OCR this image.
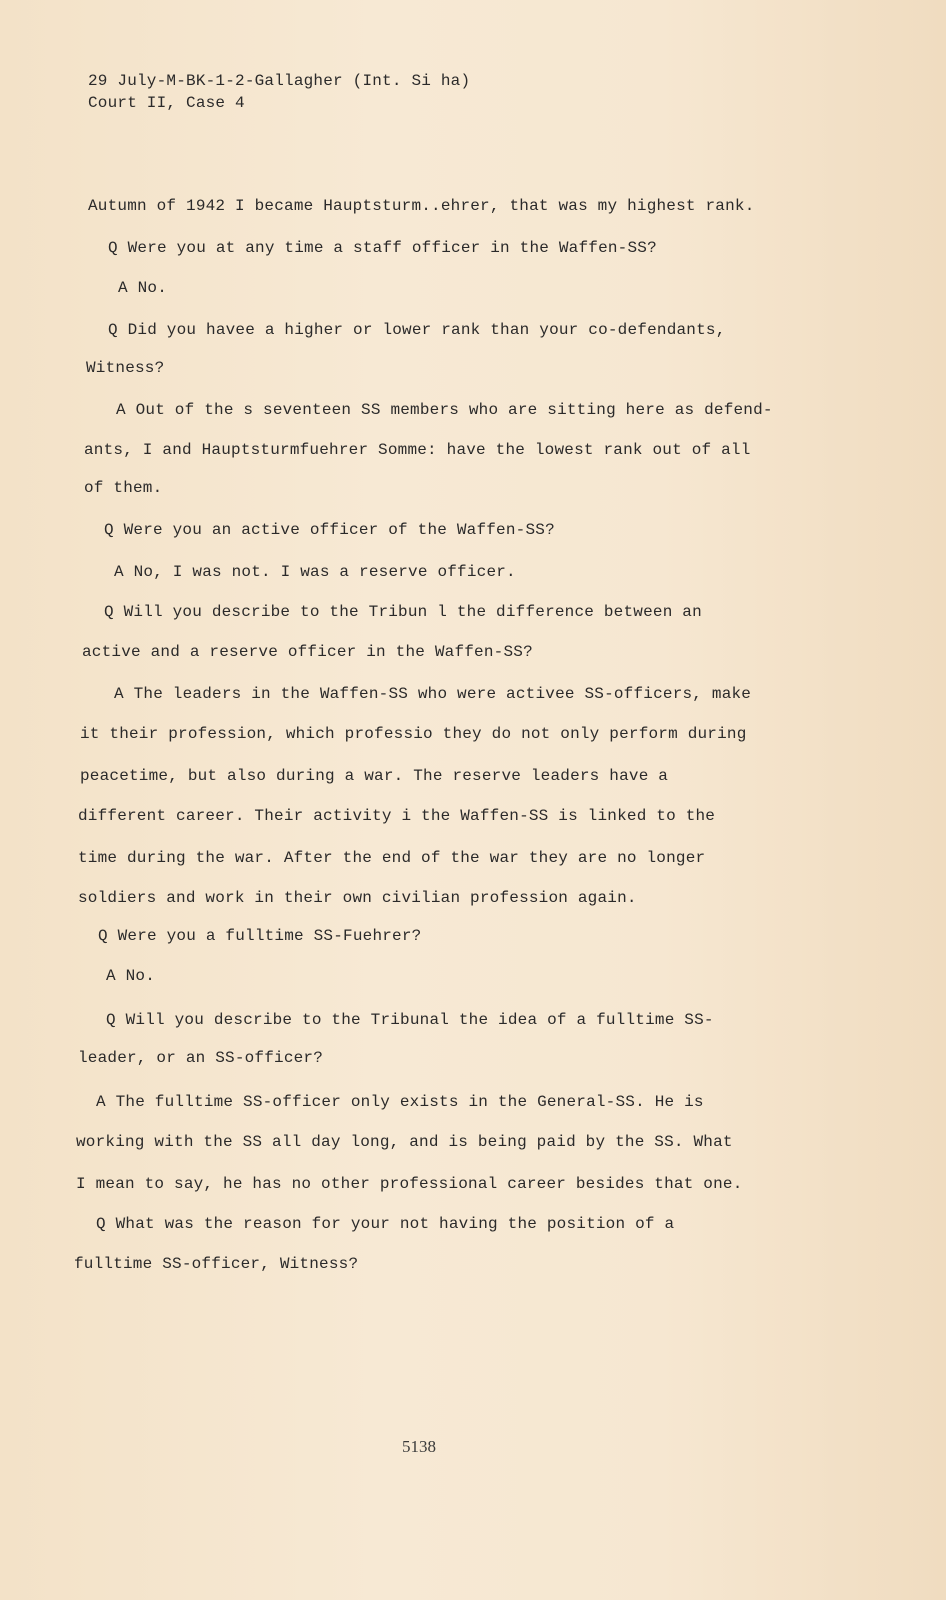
29 July-M-BK-1-2-Gallagher (Int. Si ha)
Court II, Case 4
Autumn of 1942 I became Hauptsturm..ehrer, that was my highest rank.
Q Were you at any time a staff officer in the Waffen-SS?
A No.
Q Did you havee a higher or lower rank than your co-defendants,
Witness?
A Out of the s seventeen SS members who are sitting here as defend-
ants, I and Hauptsturmfuehrer Somme: have the lowest rank out of all
of them.
Q Were you an active officer of the Waffen-SS?
A No, I was not. I was a reserve officer.
Q Will you describe to the Tribun l the difference between an
active and a reserve officer in the Waffen-SS?
A The leaders in the Waffen-SS who were activee SS-officers, make
it their profession, which professio they do not only perform during
peacetime, but also during a war. The reserve leaders have a
different career. Their activity i the Waffen-SS is linked to the
time during the war. After the end of the war they are no longer
soldiers and work in their own civilian profession again.
Q Were you a fulltime SS-Fuehrer?
A No.
Q Will you describe to the Tribunal the idea of a fulltime SS-
leader, or an SS-officer?
A The fulltime SS-officer only exists in the General-SS. He is
working with the SS all day long, and is being paid by the SS. What
I mean to say, he has no other professional career besides that one.
Q What was the reason for your not having the position of a
fulltime SS-officer, Witness?
5138
